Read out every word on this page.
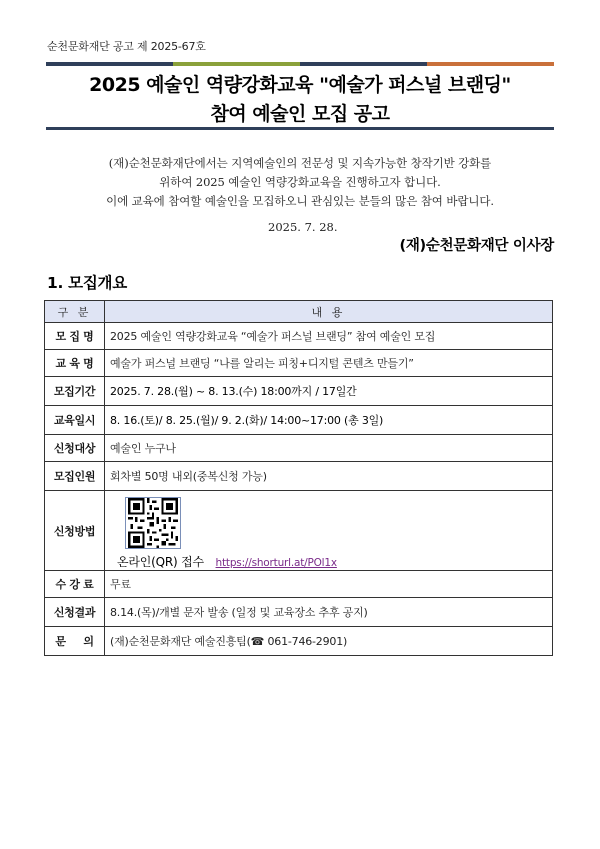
순천문화재단 공고 제 2025-67호
2025 예술인 역량강화교육 "예술가 퍼스널 브랜딩"
참여 예술인 모집 공고
(재)순천문화재단에서는 지역예술인의 전문성 및 지속가능한 창작기반 강화를
위하여 2025 예술인 역량강화교육을 진행하고자 합니다.
이에 교육에 참여할 예술인을 모집하오니 관심있는 분들의 많은 참여 바랍니다.
2025. 7. 28.
(재)순천문화재단 이사장
1. 모집개요
구 분	내 용
모 집 명	2025 예술인 역량강화교육 “예술가 퍼스널 브랜딩” 참여 예술인 모집
교 육 명	예술가 퍼스널 브랜딩 “나를 알리는 피칭+디지털 콘텐츠 만들기”
모집기간	2025. 7. 28.(월) ~ 8. 13.(수) 18:00까지 / 17일간
교육일시	8. 16.(토)/ 8. 25.(월)/ 9. 2.(화)/ 14:00~17:00 (총 3일)
신청대상	예술인 누구나
모집인원	회차별 50명 내외(중복신청 가능)
신청방법	온라인(QR) 접수 https://shorturl.at/POl1x

수 강 료	무료
신청결과	8.14.(목)/개별 문자 발송 (일정 및 교육장소 추후 공지)
문     의	(재)순천문화재단 예술진흥팀(☎ 061-746-2901)
